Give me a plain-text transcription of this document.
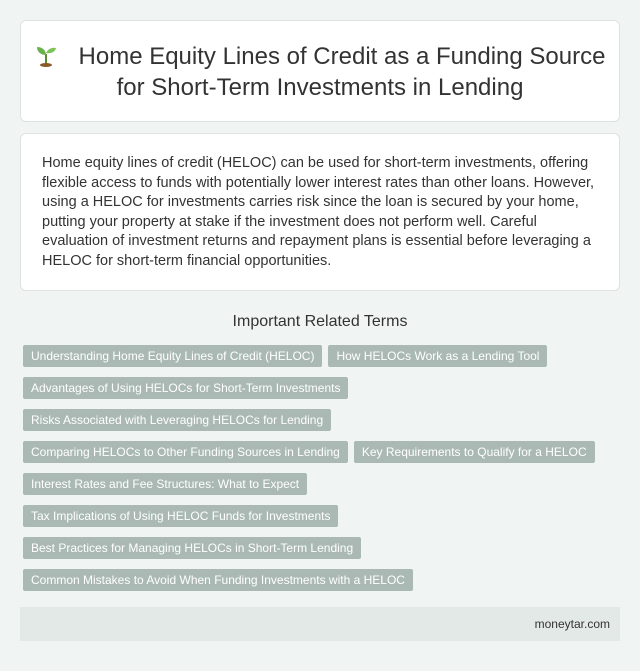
Home Equity Lines of Credit as a Funding Source for Short-Term Investments in Lending

Home equity lines of credit (HELOC) can be used for short-term investments, offering flexible access to funds with potentially lower interest rates than other loans. However, using a HELOC for investments carries risk since the loan is secured by your home, putting your property at stake if the investment does not perform well. Careful evaluation of investment returns and repayment plans is essential before leveraging a HELOC for short-term financial opportunities.

Important Related Terms
Understanding Home Equity Lines of Credit (HELOC) How HELOCs Work as a Lending Tool
Advantages of Using HELOCs for Short-Term Investments
Risks Associated with Leveraging HELOCs for Lending
Comparing HELOCs to Other Funding Sources in Lending Key Requirements to Qualify for a HELOC
Interest Rates and Fee Structures: What to Expect
Tax Implications of Using HELOC Funds for Investments
Best Practices for Managing HELOCs in Short-Term Lending
Common Mistakes to Avoid When Funding Investments with a HELOC
moneytar.com
